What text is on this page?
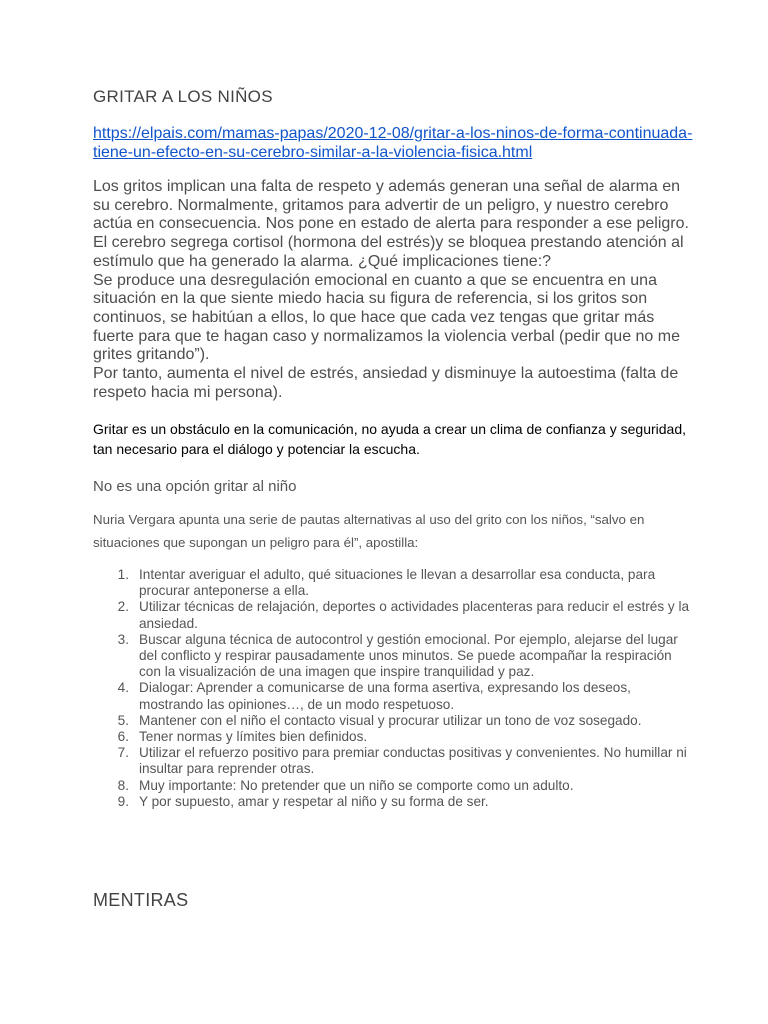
GRITAR A LOS NIÑOS
https://elpais.com/mamas-papas/2020-12-08/gritar-a-los-ninos-de-forma-continuada-tiene-un-efecto-en-su-cerebro-similar-a-la-violencia-fisica.html

Los gritos implican una falta de respeto y además generan una señal de alarma en su cerebro. Normalmente, gritamos para advertir de un peligro, y nuestro cerebro actúa en consecuencia. Nos pone en estado de alerta para responder a ese peligro. El cerebro segrega cortisol (hormona del estrés)y se bloquea prestando atención al estímulo que ha generado la alarma. ¿Qué implicaciones tiene:?

Se produce una desregulación emocional en cuanto a que se encuentra en una situación en la que siente miedo hacia su figura de referencia, si los gritos son continuos, se habitúan a ellos, lo que hace que cada vez tengas que gritar más fuerte para que te hagan caso y normalizamos la violencia verbal (pedir que no me grites gritando”).

Por tanto, aumenta el nivel de estrés, ansiedad y disminuye la autoestima (falta de respeto hacia mi persona).

Gritar es un obstáculo en la comunicación, no ayuda a crear un clima de confianza y seguridad, tan necesario para el diálogo y potenciar la escucha.

No es una opción gritar al niño

Nuria Vergara apunta una serie de pautas alternativas al uso del grito con los niños, “salvo en situaciones que supongan un peligro para él”, apostilla:

1. Intentar averiguar el adulto, qué situaciones le llevan a desarrollar esa conducta, para procurar anteponerse a ella.
2. Utilizar técnicas de relajación, deportes o actividades placenteras para reducir el estrés y la ansiedad.
3. Buscar alguna técnica de autocontrol y gestión emocional. Por ejemplo, alejarse del lugar del conflicto y respirar pausadamente unos minutos. Se puede acompañar la respiración con la visualización de una imagen que inspire tranquilidad y paz.
4. Dialogar: Aprender a comunicarse de una forma asertiva, expresando los deseos, mostrando las opiniones…, de un modo respetuoso.
5. Mantener con el niño el contacto visual y procurar utilizar un tono de voz sosegado.
6. Tener normas y límites bien definidos.
7. Utilizar el refuerzo positivo para premiar conductas positivas y convenientes. No humillar ni insultar para reprender otras.
8. Muy importante: No pretender que un niño se comporte como un adulto.
9. Y por supuesto, amar y respetar al niño y su forma de ser.
MENTIRAS
